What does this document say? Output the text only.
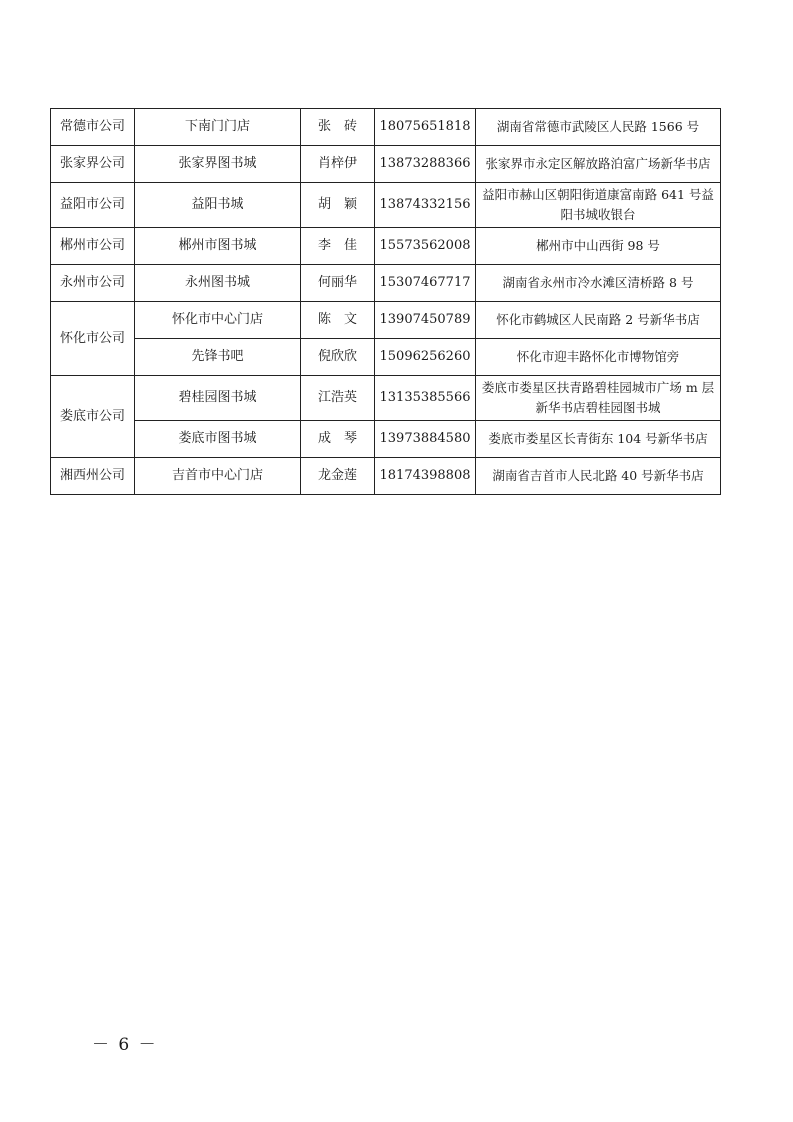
常德市公司	下南门门店	张　砖	18075651818	湖南省常德市武陵区人民路 1566 号
张家界公司	张家界图书城	肖梓伊	13873288366	张家界市永定区解放路泊富广场新华书店
益阳市公司	益阳书城	胡　颖	13874332156	益阳市赫山区朝阳街道康富南路 641 号益阳书城收银台
郴州市公司	郴州市图书城	李　佳	15573562008	郴州市中山西街 98 号
永州市公司	永州图书城	何丽华	15307467717	湖南省永州市冷水滩区清桥路 8 号
怀化市公司	怀化市中心门店	陈　文	13907450789	怀化市鹤城区人民南路 2 号新华书店
	先锋书吧	倪欣欣	15096256260	怀化市迎丰路怀化市博物馆旁
娄底市公司	碧桂园图书城	江浩英	13135385566	娄底市娄星区扶青路碧桂园城市广场 m 层新华书店碧桂园图书城
	娄底市图书城	成　琴	13973884580	娄底市娄星区长青街东 104 号新华书店
湘西州公司	吉首市中心门店	龙金莲	18174398808	湖南省吉首市人民北路 40 号新华书店
－ 6 －
